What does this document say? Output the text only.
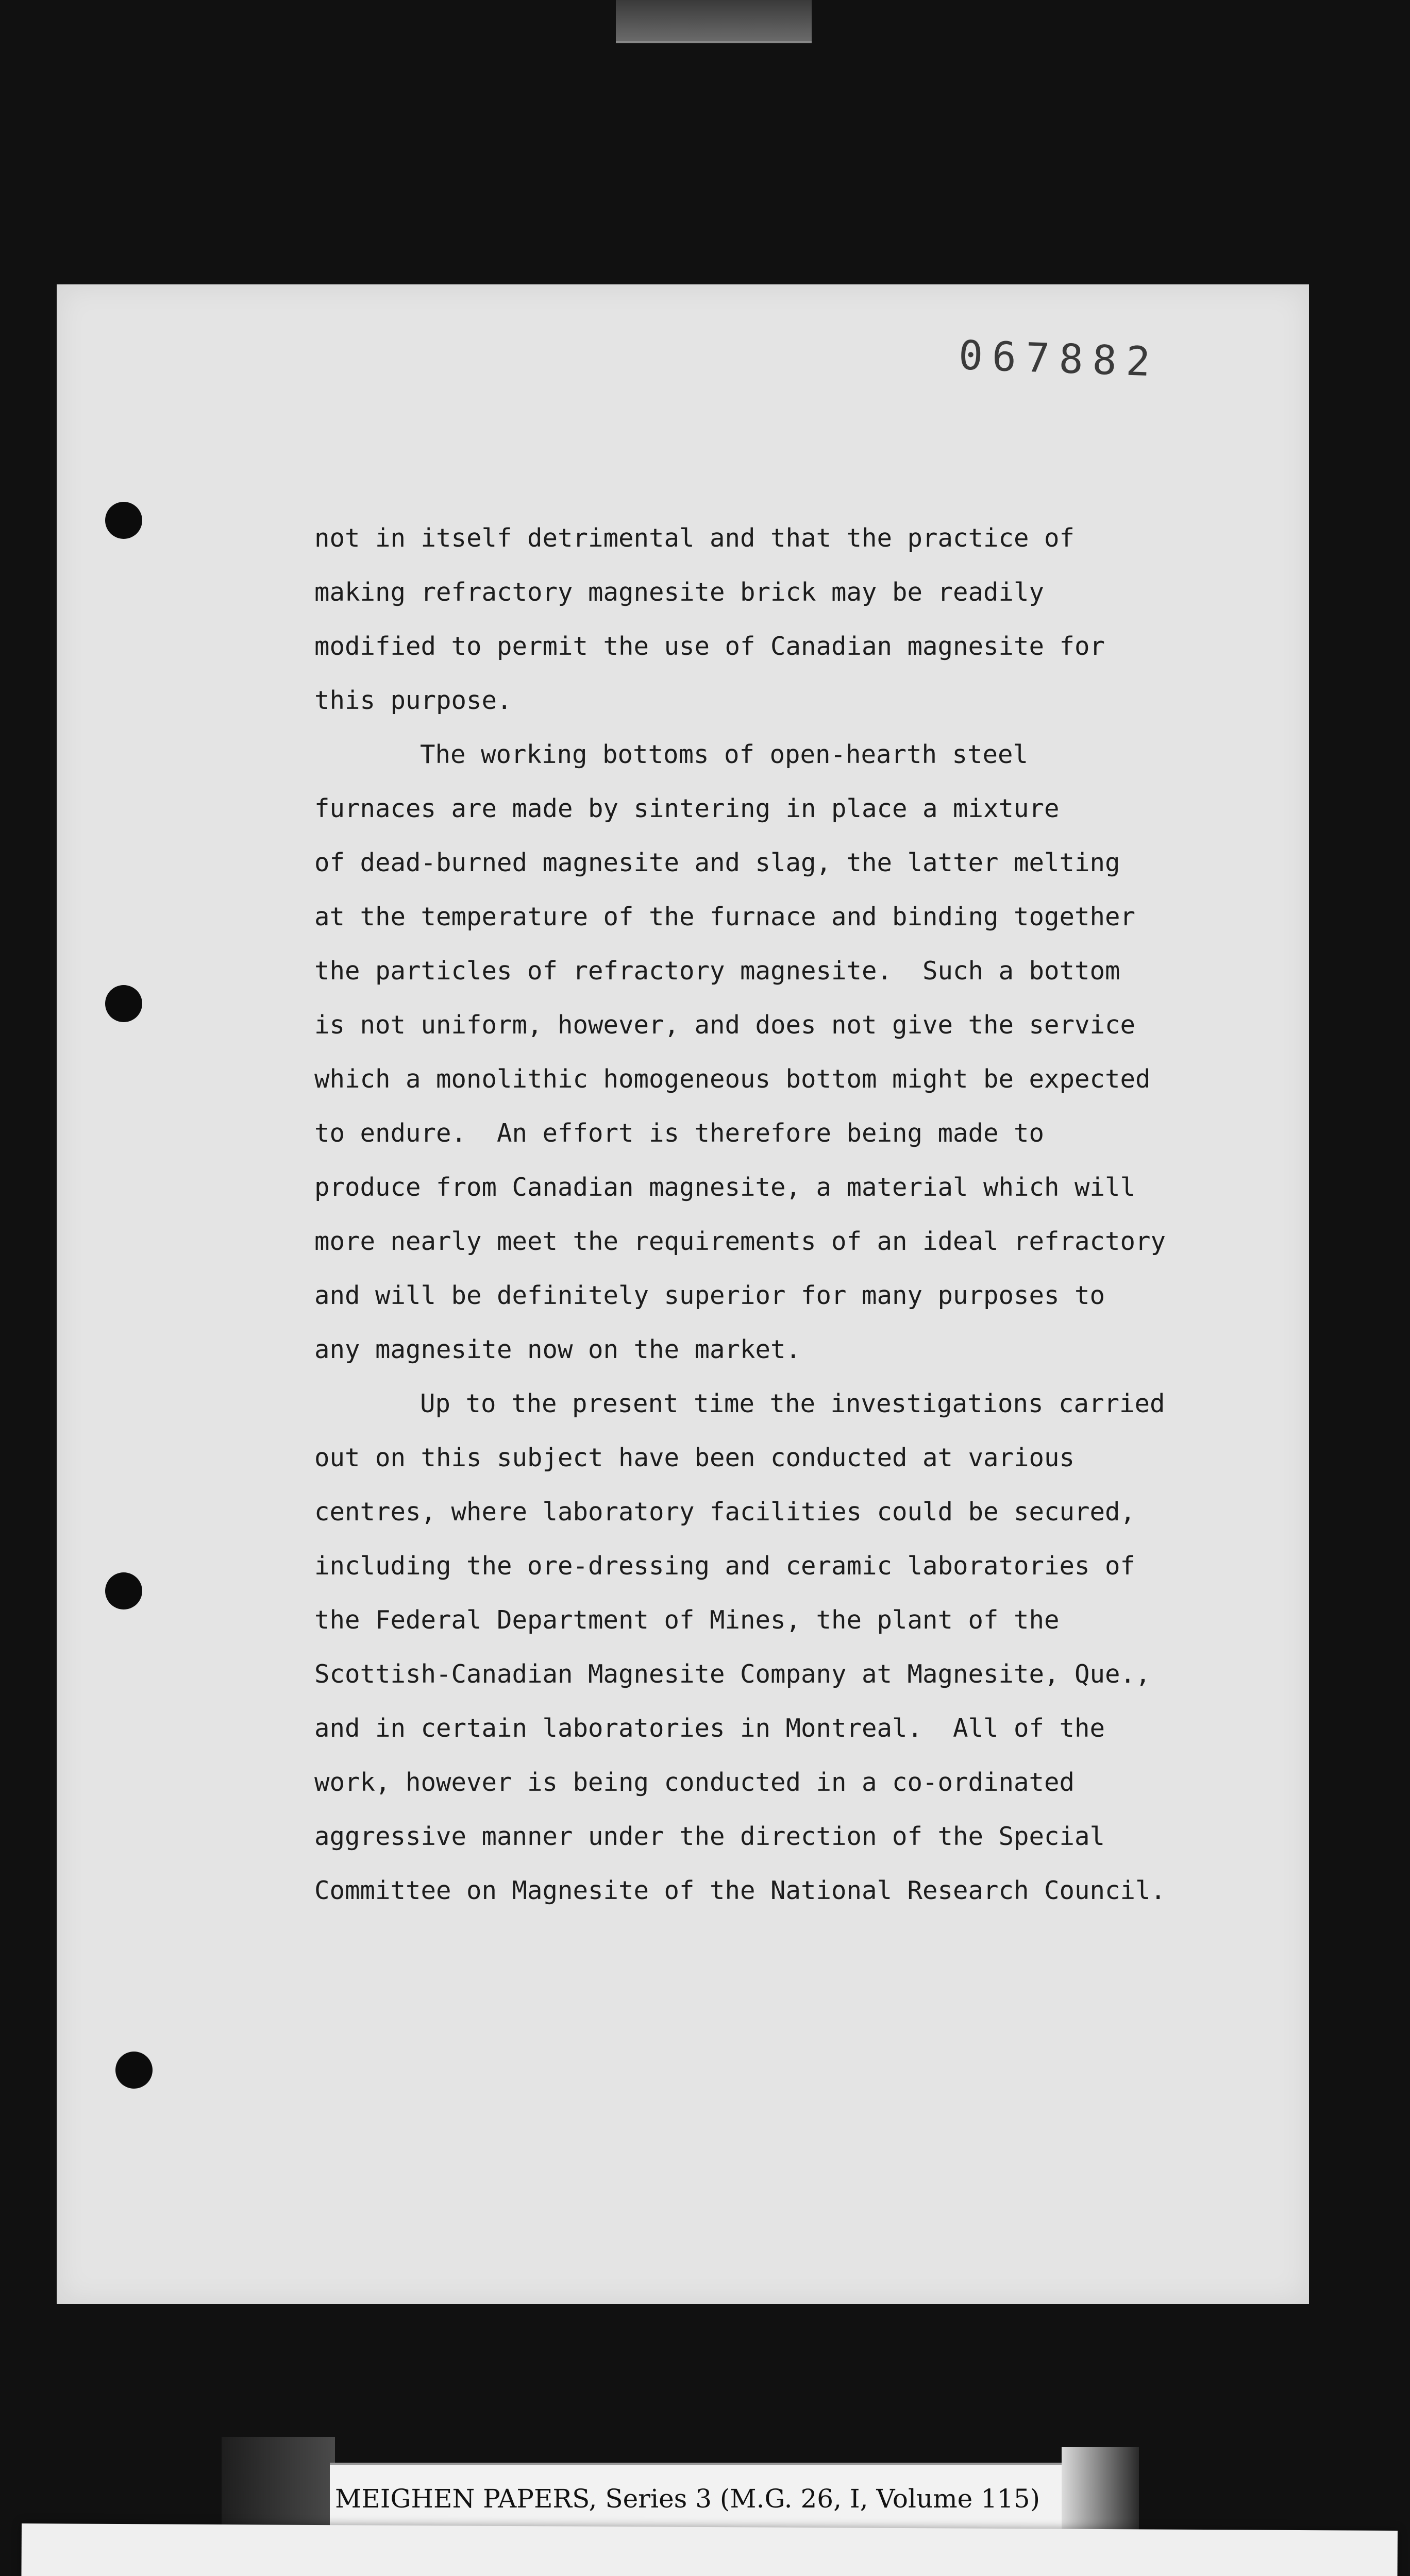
067882
not in itself detrimental and that the practice of
making refractory magnesite brick may be readily
modified to permit the use of Canadian magnesite for
this purpose.
The working bottoms of open-hearth steel
furnaces are made by sintering in place a mixture
of dead-burned magnesite and slag, the latter melting
at the temperature of the furnace and binding together
the particles of refractory magnesite.  Such a bottom
is not uniform, however, and does not give the service
which a monolithic homogeneous bottom might be expected
to endure.  An effort is therefore being made to
produce from Canadian magnesite, a material which will
more nearly meet the requirements of an ideal refractory
and will be definitely superior for many purposes to
any magnesite now on the market.
Up to the present time the investigations carried
out on this subject have been conducted at various
centres, where laboratory facilities could be secured,
including the ore-dressing and ceramic laboratories of
the Federal Department of Mines, the plant of the
Scottish-Canadian Magnesite Company at Magnesite, Que.,
and in certain laboratories in Montreal.  All of the
work, however is being conducted in a co-ordinated
aggressive manner under the direction of the Special
Committee on Magnesite of the National Research Council.
MEIGHEN PAPERS, Series 3 (M.G. 26, I, Volume 115)
